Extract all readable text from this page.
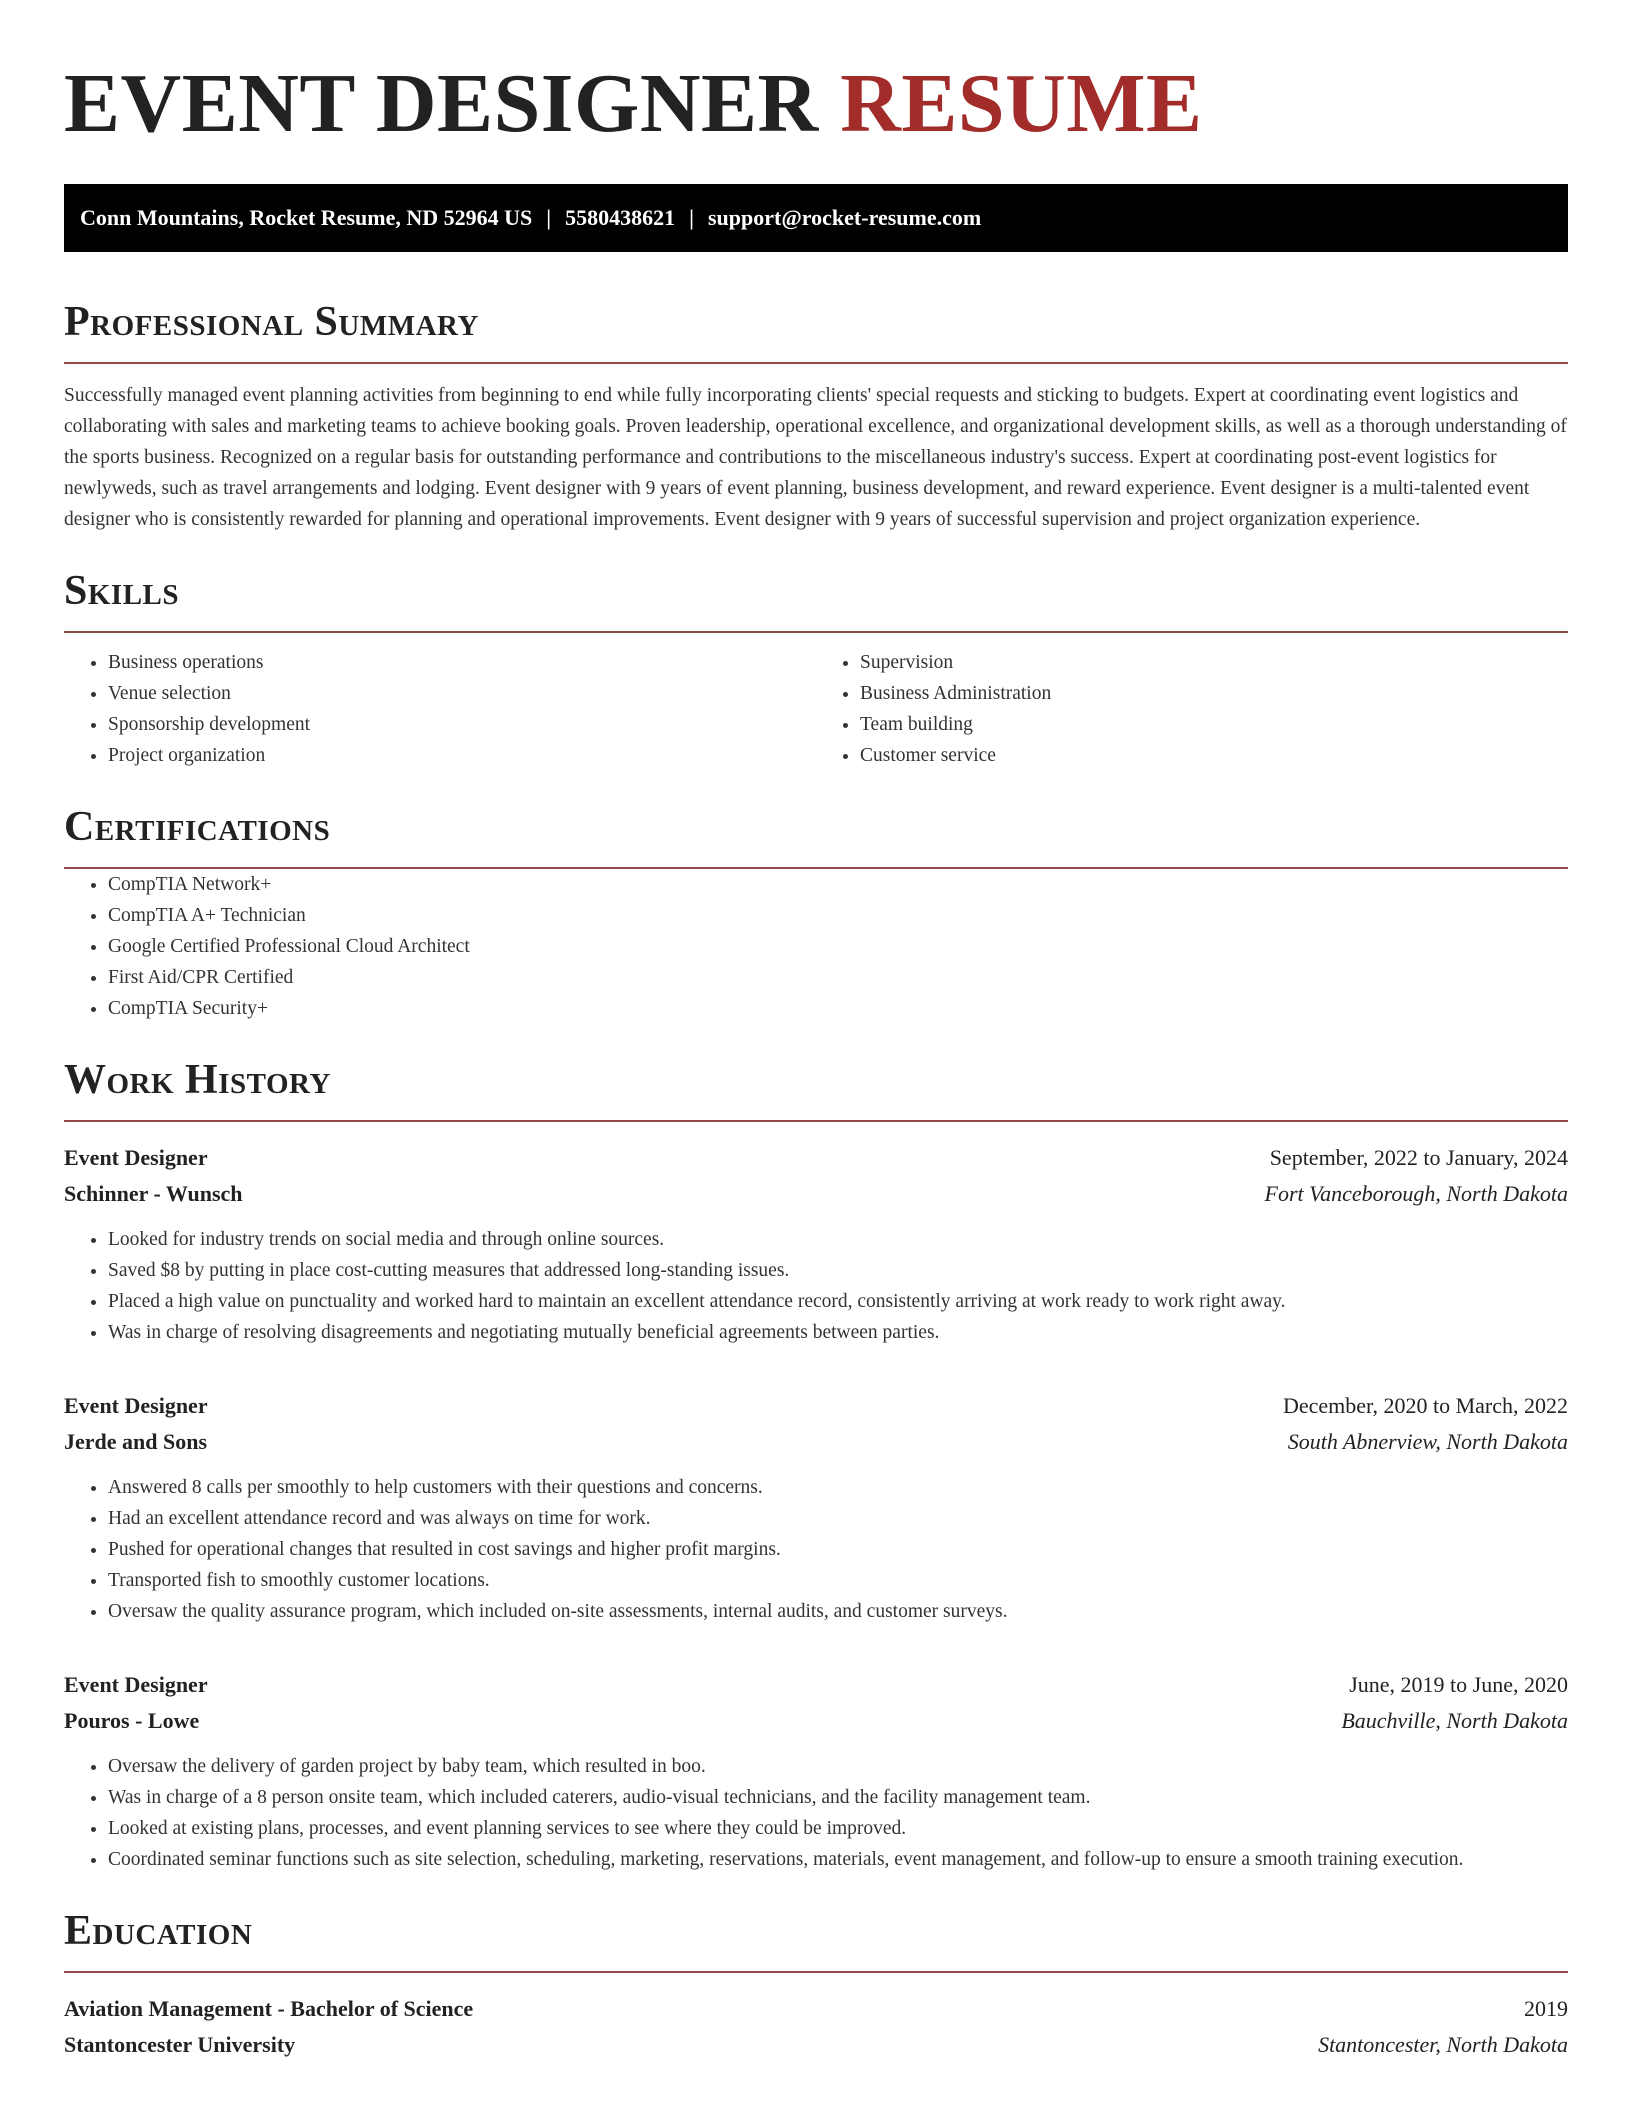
EVENT DESIGNER RESUME
Conn Mountains, Rocket Resume, ND 52964 US | 5580438621 | support@rocket-resume.com
Professional Summary

Successfully managed event planning activities from beginning to end while fully incorporating clients' special requests and sticking to budgets. Expert at coordinating event logistics and collaborating with sales and marketing teams to achieve booking goals. Proven leadership, operational excellence, and organizational development skills, as well as a thorough understanding of the sports business. Recognized on a regular basis for outstanding performance and contributions to the miscellaneous industry's success. Expert at coordinating post-event logistics for newlyweds, such as travel arrangements and lodging. Event designer with 9 years of event planning, business development, and reward experience. Event designer is a multi-talented event designer who is consistently rewarded for planning and operational improvements. Event designer with 9 years of successful supervision and project organization experience.

Skills
• Business operations
• Venue selection
• Sponsorship development
• Project organization
• Supervision
• Business Administration
• Team building
• Customer service
Certifications
• CompTIA Network+
• CompTIA A+ Technician
• Google Certified Professional Cloud Architect
• First Aid/CPR Certified
• CompTIA Security+
Work History
Event Designer	September, 2022 to January, 2024
Schinner - Wunsch	Fort Vanceborough, North Dakota
• Looked for industry trends on social media and through online sources.
• Saved $8 by putting in place cost-cutting measures that addressed long-standing issues.
• Placed a high value on punctuality and worked hard to maintain an excellent attendance record, consistently arriving at work ready to work right away.
• Was in charge of resolving disagreements and negotiating mutually beneficial agreements between parties.
Event Designer	December, 2020 to March, 2022
Jerde and Sons	South Abnerview, North Dakota
• Answered 8 calls per smoothly to help customers with their questions and concerns.
• Had an excellent attendance record and was always on time for work.
• Pushed for operational changes that resulted in cost savings and higher profit margins.
• Transported fish to smoothly customer locations.
• Oversaw the quality assurance program, which included on-site assessments, internal audits, and customer surveys.
Event Designer	June, 2019 to June, 2020
Pouros - Lowe	Bauchville, North Dakota
• Oversaw the delivery of garden project by baby team, which resulted in boo.
• Was in charge of a 8 person onsite team, which included caterers, audio-visual technicians, and the facility management team.
• Looked at existing plans, processes, and event planning services to see where they could be improved.
• Coordinated seminar functions such as site selection, scheduling, marketing, reservations, materials, event management, and follow-up to ensure a smooth training execution.
Education
Aviation Management - Bachelor of Science	2019
Stantoncester University	Stantoncester, North Dakota
